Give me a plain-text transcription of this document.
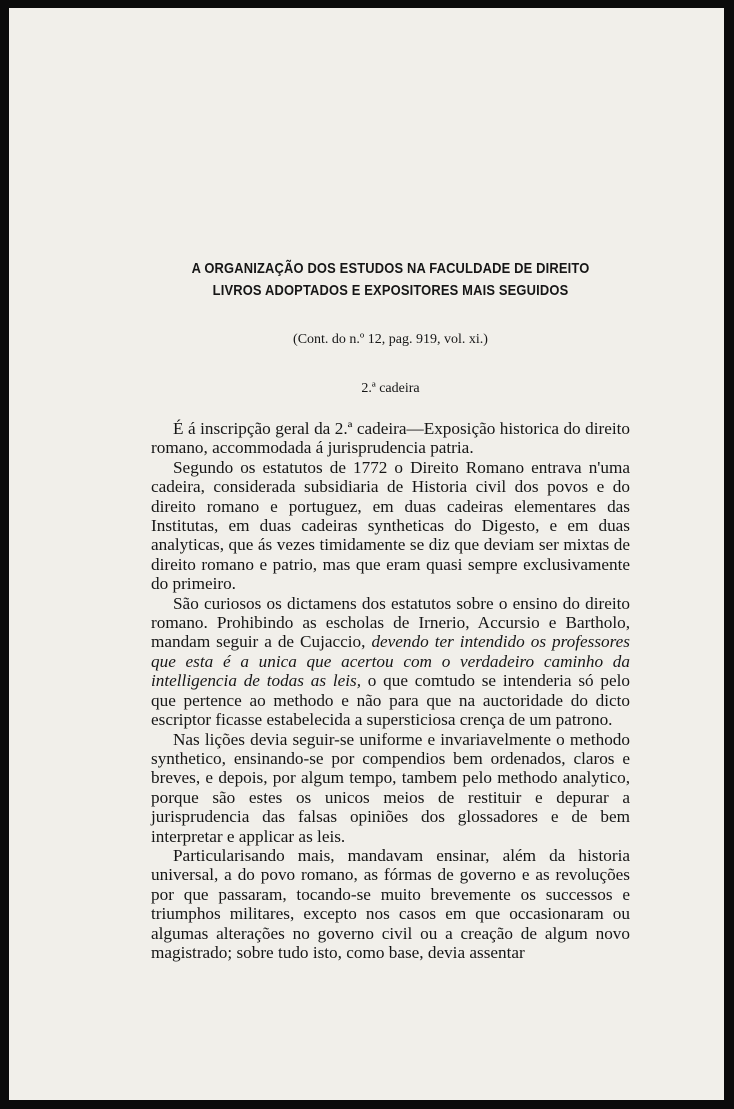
A ORGANIZAÇÃO DOS ESTUDOS NA FACULDADE DE DIREITO

LIVROS ADOPTADOS E EXPOSITORES MAIS SEGUIDOS

(Cont. do n.º 12, pag. 919, vol. xi.)
2.ª cadeira

É á inscripção geral da 2.ª cadeira—Exposição historica do direito romano, accommodada á jurisprudencia patria.

Segundo os estatutos de 1772 o Direito Romano entrava n'uma cadeira, considerada subsidiaria de Historia civil dos povos e do direito romano e portuguez, em duas cadeiras elementares das Institutas, em duas cadeiras syntheticas do Digesto, e em duas analyticas, que ás vezes timidamente se diz que deviam ser mixtas de direito romano e patrio, mas que eram quasi sempre exclusivamente do primeiro.

São curiosos os dictamens dos estatutos sobre o ensino do direito romano. Prohibindo as escholas de Irnerio, Accursio e Bartholo, mandam seguir a de Cujaccio, devendo ter intendido os professores que esta é a unica que acertou com o verdadeiro caminho da intelligencia de todas as leis, o que comtudo se intenderia só pelo que pertence ao methodo e não para que na auctoridade do dicto escriptor ficasse estabelecida a supersticiosa crença de um patrono.

Nas lições devia seguir-se uniforme e invariavelmente o methodo synthetico, ensinando-se por compendios bem ordenados, claros e breves, e depois, por algum tempo, tambem pelo methodo analytico, porque são estes os unicos meios de restituir e depurar a jurisprudencia das falsas opiniões dos glossadores e de bem interpretar e applicar as leis.

Particularisando mais, mandavam ensinar, além da historia universal, a do povo romano, as fórmas de governo e as revoluções por que passaram, tocando-se muito brevemente os successos e triumphos militares, excepto nos casos em que occasionaram ou algumas alterações no governo civil ou a creação de algum novo magistrado; sobre tudo isto, como base, devia assentar
